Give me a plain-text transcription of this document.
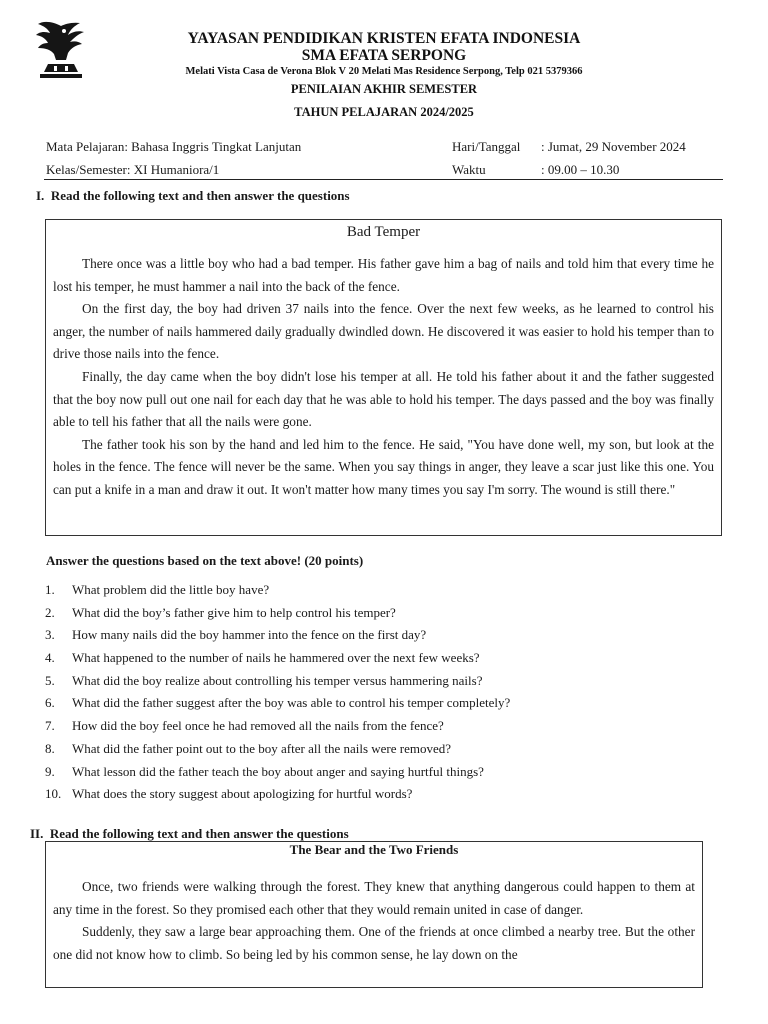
YAYASAN PENDIDIKAN KRISTEN EFATA INDONESIA
SMA EFATA SERPONG
Melati Vista Casa de Verona Blok V 20 Melati Mas Residence Serpong, Telp 021 5379366
PENILAIAN AKHIR SEMESTER
TAHUN PELAJARAN 2024/2025
Mata Pelajaran: Bahasa Inggris Tingkat Lanjutan
Kelas/Semester: XI Humaniora/1
Hari/Tanggal : Jumat, 29 November 2024
Waktu	: 09.00 – 10.30
I. Read the following text and then answer the questions
Bad Temper

There once was a little boy who had a bad temper. His father gave him a bag of nails and told him that every time he lost his temper, he must hammer a nail into the back of the fence.

On the first day, the boy had driven 37 nails into the fence. Over the next few weeks, as he learned to control his anger, the number of nails hammered daily gradually dwindled down. He discovered it was easier to hold his temper than to drive those nails into the fence.

Finally, the day came when the boy didn't lose his temper at all. He told his father about it and the father suggested that the boy now pull out one nail for each day that he was able to hold his temper. The days passed and the boy was finally able to tell his father that all the nails were gone.

The father took his son by the hand and led him to the fence. He said, "You have done well, my son, but look at the holes in the fence. The fence will never be the same. When you say things in anger, they leave a scar just like this one. You can put a knife in a man and draw it out. It won't matter how many times you say I'm sorry. The wound is still there."

Answer the questions based on the text above! (20 points)
1. What problem did the little boy have?
2. What did the boy’s father give him to help control his temper?
3. How many nails did the boy hammer into the fence on the first day?
4. What happened to the number of nails he hammered over the next few weeks?
5. What did the boy realize about controlling his temper versus hammering nails?
6. What did the father suggest after the boy was able to control his temper completely?
7. How did the boy feel once he had removed all the nails from the fence?
8. What did the father point out to the boy after all the nails were removed?
9. What lesson did the father teach the boy about anger and saying hurtful things?
10. What does the story suggest about apologizing for hurtful words?
II. Read the following text and then answer the questions
The Bear and the Two Friends

Once, two friends were walking through the forest. They knew that anything dangerous could happen to them at any time in the forest. So they promised each other that they would remain united in case of danger.

Suddenly, they saw a large bear approaching them. One of the friends at once climbed a nearby tree. But the other one did not know how to climb. So being led by his common sense, he lay down on the
